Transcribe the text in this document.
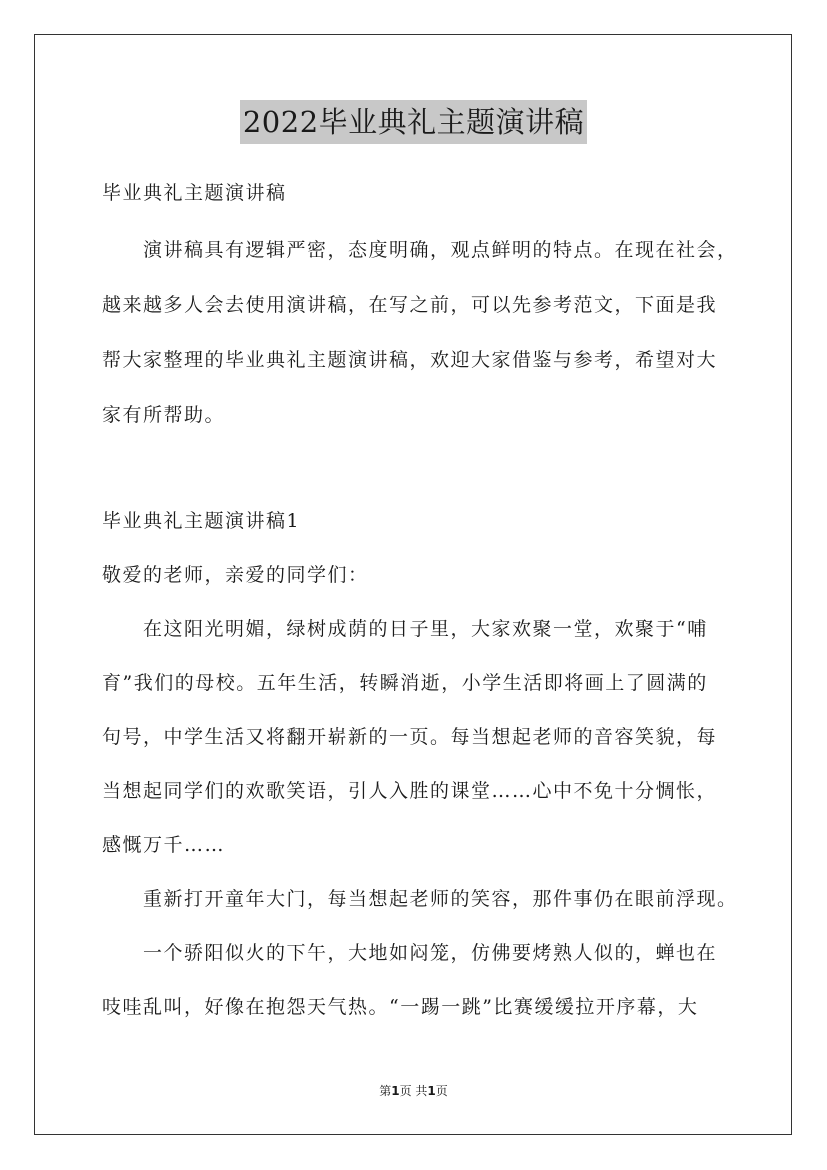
2022毕业典礼主题演讲稿
毕业典礼主题演讲稿
演讲稿具有逻辑严密，态度明确，观点鲜明的特点。在现在社会，
越来越多人会去使用演讲稿，在写之前，可以先参考范文，下面是我
帮大家整理的毕业典礼主题演讲稿，欢迎大家借鉴与参考，希望对大
家有所帮助。
毕业典礼主题演讲稿1
敬爱的老师，亲爱的同学们：
在这阳光明媚，绿树成荫的日子里，大家欢聚一堂，欢聚于“哺
育”我们的母校。五年生活，转瞬消逝，小学生活即将画上了圆满的
句号，中学生活又将翻开崭新的一页。每当想起老师的音容笑貌，每
当想起同学们的欢歌笑语，引人入胜的课堂……心中不免十分惆怅，
感慨万千……
重新打开童年大门，每当想起老师的笑容，那件事仍在眼前浮现。
一个骄阳似火的下午，大地如闷笼，仿佛要烤熟人似的，蝉也在
吱哇乱叫，好像在抱怨天气热。“一踢一跳”比赛缓缓拉开序幕，大
第1页 共1页
